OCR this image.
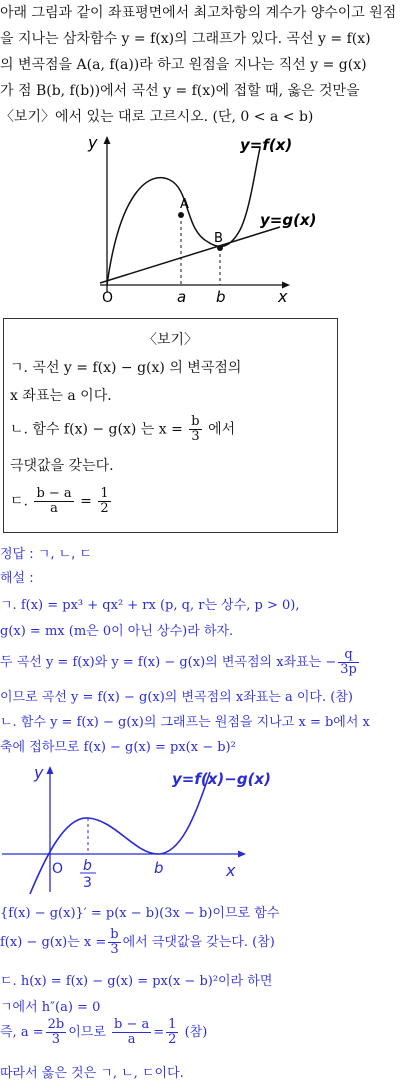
아래 그림과 같이 좌표평면에서 최고차항의 계수가 양수이고 원점
을 지나는 삼차함수 y = f(x)의 그래프가 있다. 곡선 y = f(x)
의 변곡점을 A(a, f(a))라 하고 원점을 지나는 직선 y = g(x)
가 점 B(b, f(b))에서 곡선 y = f(x)에 접할 때, 옳은 것만을
〈보기〉에서 있는 대로 고르시오. (단, 0 < a < b)
y
x
O
A
B
a b
y=f(x)
y=g(x)
〈보기〉
ㄱ. 곡선 y = f(x) − g(x) 의 변곡점의
x 좌표는 a 이다.
ㄴ. 함수 f(x) − g(x) 는 $x = \frac{b}{3}$ 에서
극댓값을 갖는다.
ㄷ. $\frac{b - a}{a} = \frac{1}{2}$
정답 : ㄱ, ㄴ, ㄷ
해설 :
ㄱ. f(x) = px³ + qx² + rx (p, q, r는 상수, p > 0),
g(x) = mx (m은 0이 아닌 상수)라 하자.
두 곡선 y = f(x)와 y = f(x) − g(x)의 변곡점의 x좌표는 − $\frac{q}{3p}$
이므로 곡선 y = f(x) − g(x)의 변곡점의 x좌표는 a 이다. (참)
ㄴ. 함수 y = f(x) − g(x)의 그래프는 원점을 지나고 x = b에서 x
축에 접하므로 f(x) − g(x) = px(x − b)²
y
x
O b
3
b
y=f(x)−g(x)
{f(x) − g(x)}′ = p(x − b)(3x − b)이므로 함수
f(x) − g(x)는 $x = \frac{b}{3}$ 에서 극댓값을 갖는다. (참)
ㄷ. h(x) = f(x) − g(x) = px(x − b)²이라 하면
ㄱ에서 h″(a) = 0
즉, $a = \frac{2b}{3}$ 이므로 $\frac{b - a}{a} = \frac{1}{2}$ (참)
따라서 옳은 것은 ㄱ, ㄴ, ㄷ이다.
